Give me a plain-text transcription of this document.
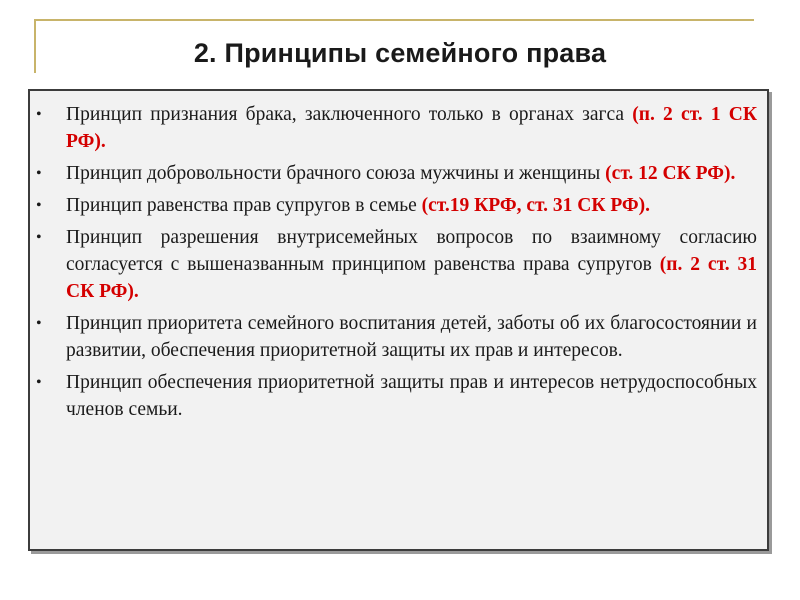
2. Принципы семейного права
• Принцип признания брака, заключенного только в органах загса (п. 2 ст. 1 СК РФ).
• Принцип добровольности брачного союза мужчины и женщины (ст. 12 СК РФ).
• Принцип равенства прав супругов в семье (ст.19 КРФ, ст. 31 СК РФ).
• Принцип разрешения внутрисемейных вопросов по взаимному согласию согласуется с вышеназванным принципом равенства права супругов (п. 2 ст. 31 СК РФ).
• Принцип приоритета семейного воспитания детей, заботы об их благосостоянии и развитии, обеспечения приоритетной защиты их прав и интересов.
• Принцип обеспечения приоритетной защиты прав и интересов нетрудоспособных членов семьи.
